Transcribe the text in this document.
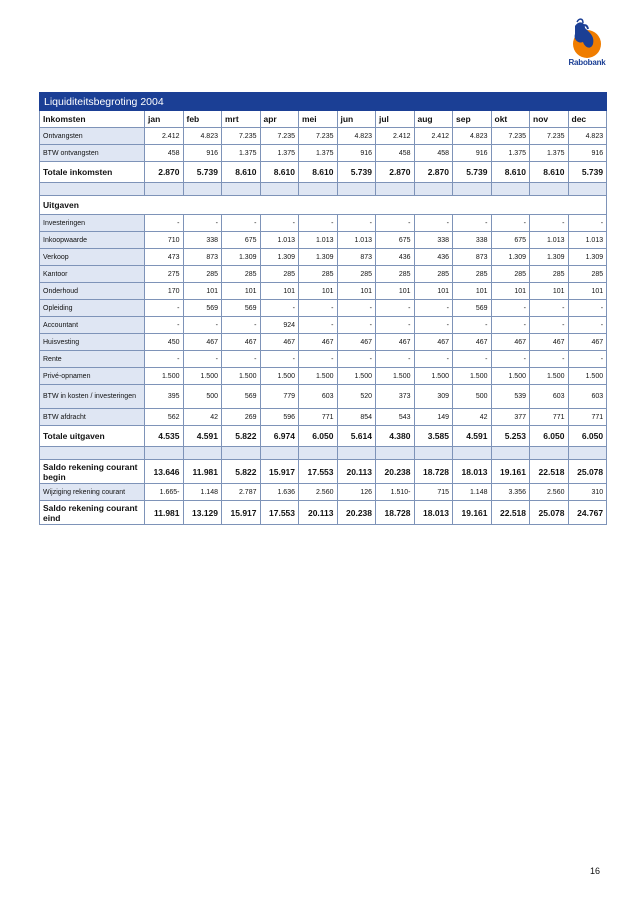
Rabobank
Liquiditeitsbegroting 2004												
Inkomsten	jan	feb	mrt	apr	mei	jun	jul	aug	sep	okt	nov	dec
Ontvangsten	2.412	4.823	7.235	7.235	7.235	4.823	2.412	2.412	4.823	7.235	7.235	4.823
BTW ontvangsten	458	916	1.375	1.375	1.375	916	458	458	916	1.375	1.375	916
Totale inkomsten	2.870	5.739	8.610	8.610	8.610	5.739	2.870	2.870	5.739	8.610	8.610	5.739

Uitgaven												
Investeringen	-	-	-	-	-	-	-	-	-	-	-	-
Inkoopwaarde	710	338	675	1.013	1.013	1.013	675	338	338	675	1.013	1.013
Verkoop	473	873	1.309	1.309	1.309	873	436	436	873	1.309	1.309	1.309
Kantoor	275	285	285	285	285	285	285	285	285	285	285	285
Onderhoud	170	101	101	101	101	101	101	101	101	101	101	101
Opleiding	-	569	569	-	-	-	-	-	569	-	-	-
Accountant	-	-	-	924	-	-	-	-	-	-	-	-
Huisvesting	450	467	467	467	467	467	467	467	467	467	467	467
Rente	-	-	-	-	-	-	-	-	-	-	-	-
Privé-opnamen	1.500	1.500	1.500	1.500	1.500	1.500	1.500	1.500	1.500	1.500	1.500	1.500
BTW in kosten / investeringen	395	500	569	779	603	520	373	309	500	539	603	603
BTW afdracht	562	42	269	596	771	854	543	149	42	377	771	771
Totale uitgaven	4.535	4.591	5.822	6.974	6.050	5.614	4.380	3.585	4.591	5.253	6.050	6.050

Saldo rekening courant begin	13.646	11.981	5.822	15.917	17.553	20.113	20.238	18.728	18.013	19.161	22.518	25.078
Wijziging rekening courant	1.665-	1.148	2.787	1.636	2.560	126	1.510-	715	1.148	3.356	2.560	310
Saldo rekening courant eind	11.981	13.129	15.917	17.553	20.113	20.238	18.728	18.013	19.161	22.518	25.078	24.767
16
